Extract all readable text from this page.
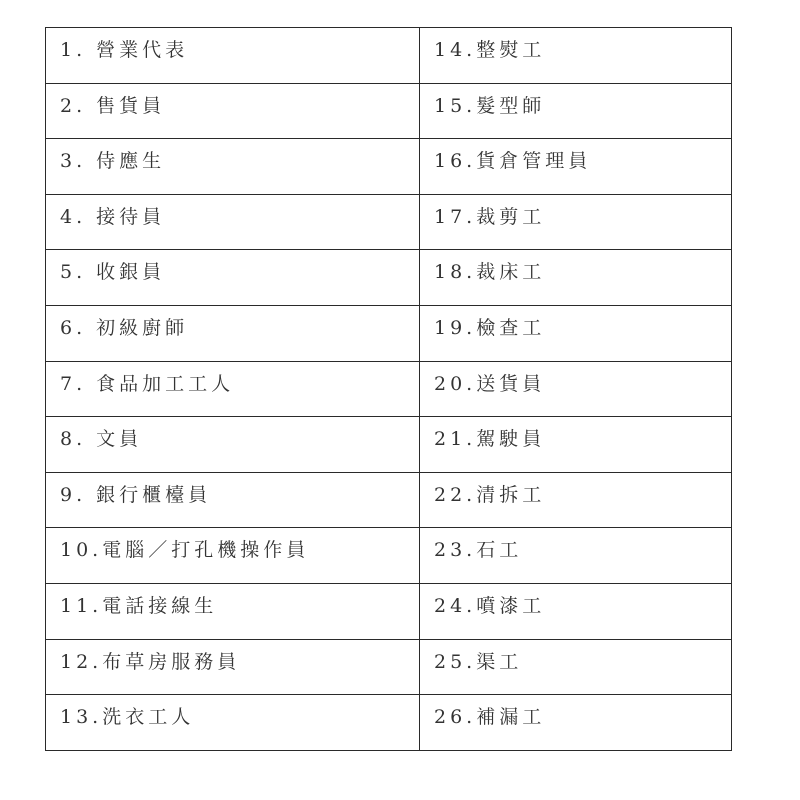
1. 營業代表	14.整熨工

2. 售貨員	15.髮型師

3. 侍應生	16.貨倉管理員

4. 接待員	17.裁剪工

5. 收銀員	18.裁床工

6. 初級廚師	19.檢查工

7. 食品加工工人	20.送貨員

8. 文員	21.駕駛員

9. 銀行櫃檯員	22.清拆工

10.電腦／打孔機操作員	23.石工

11.電話接線生	24.噴漆工

12.布草房服務員	25.渠工

13.洗衣工人	26.補漏工
